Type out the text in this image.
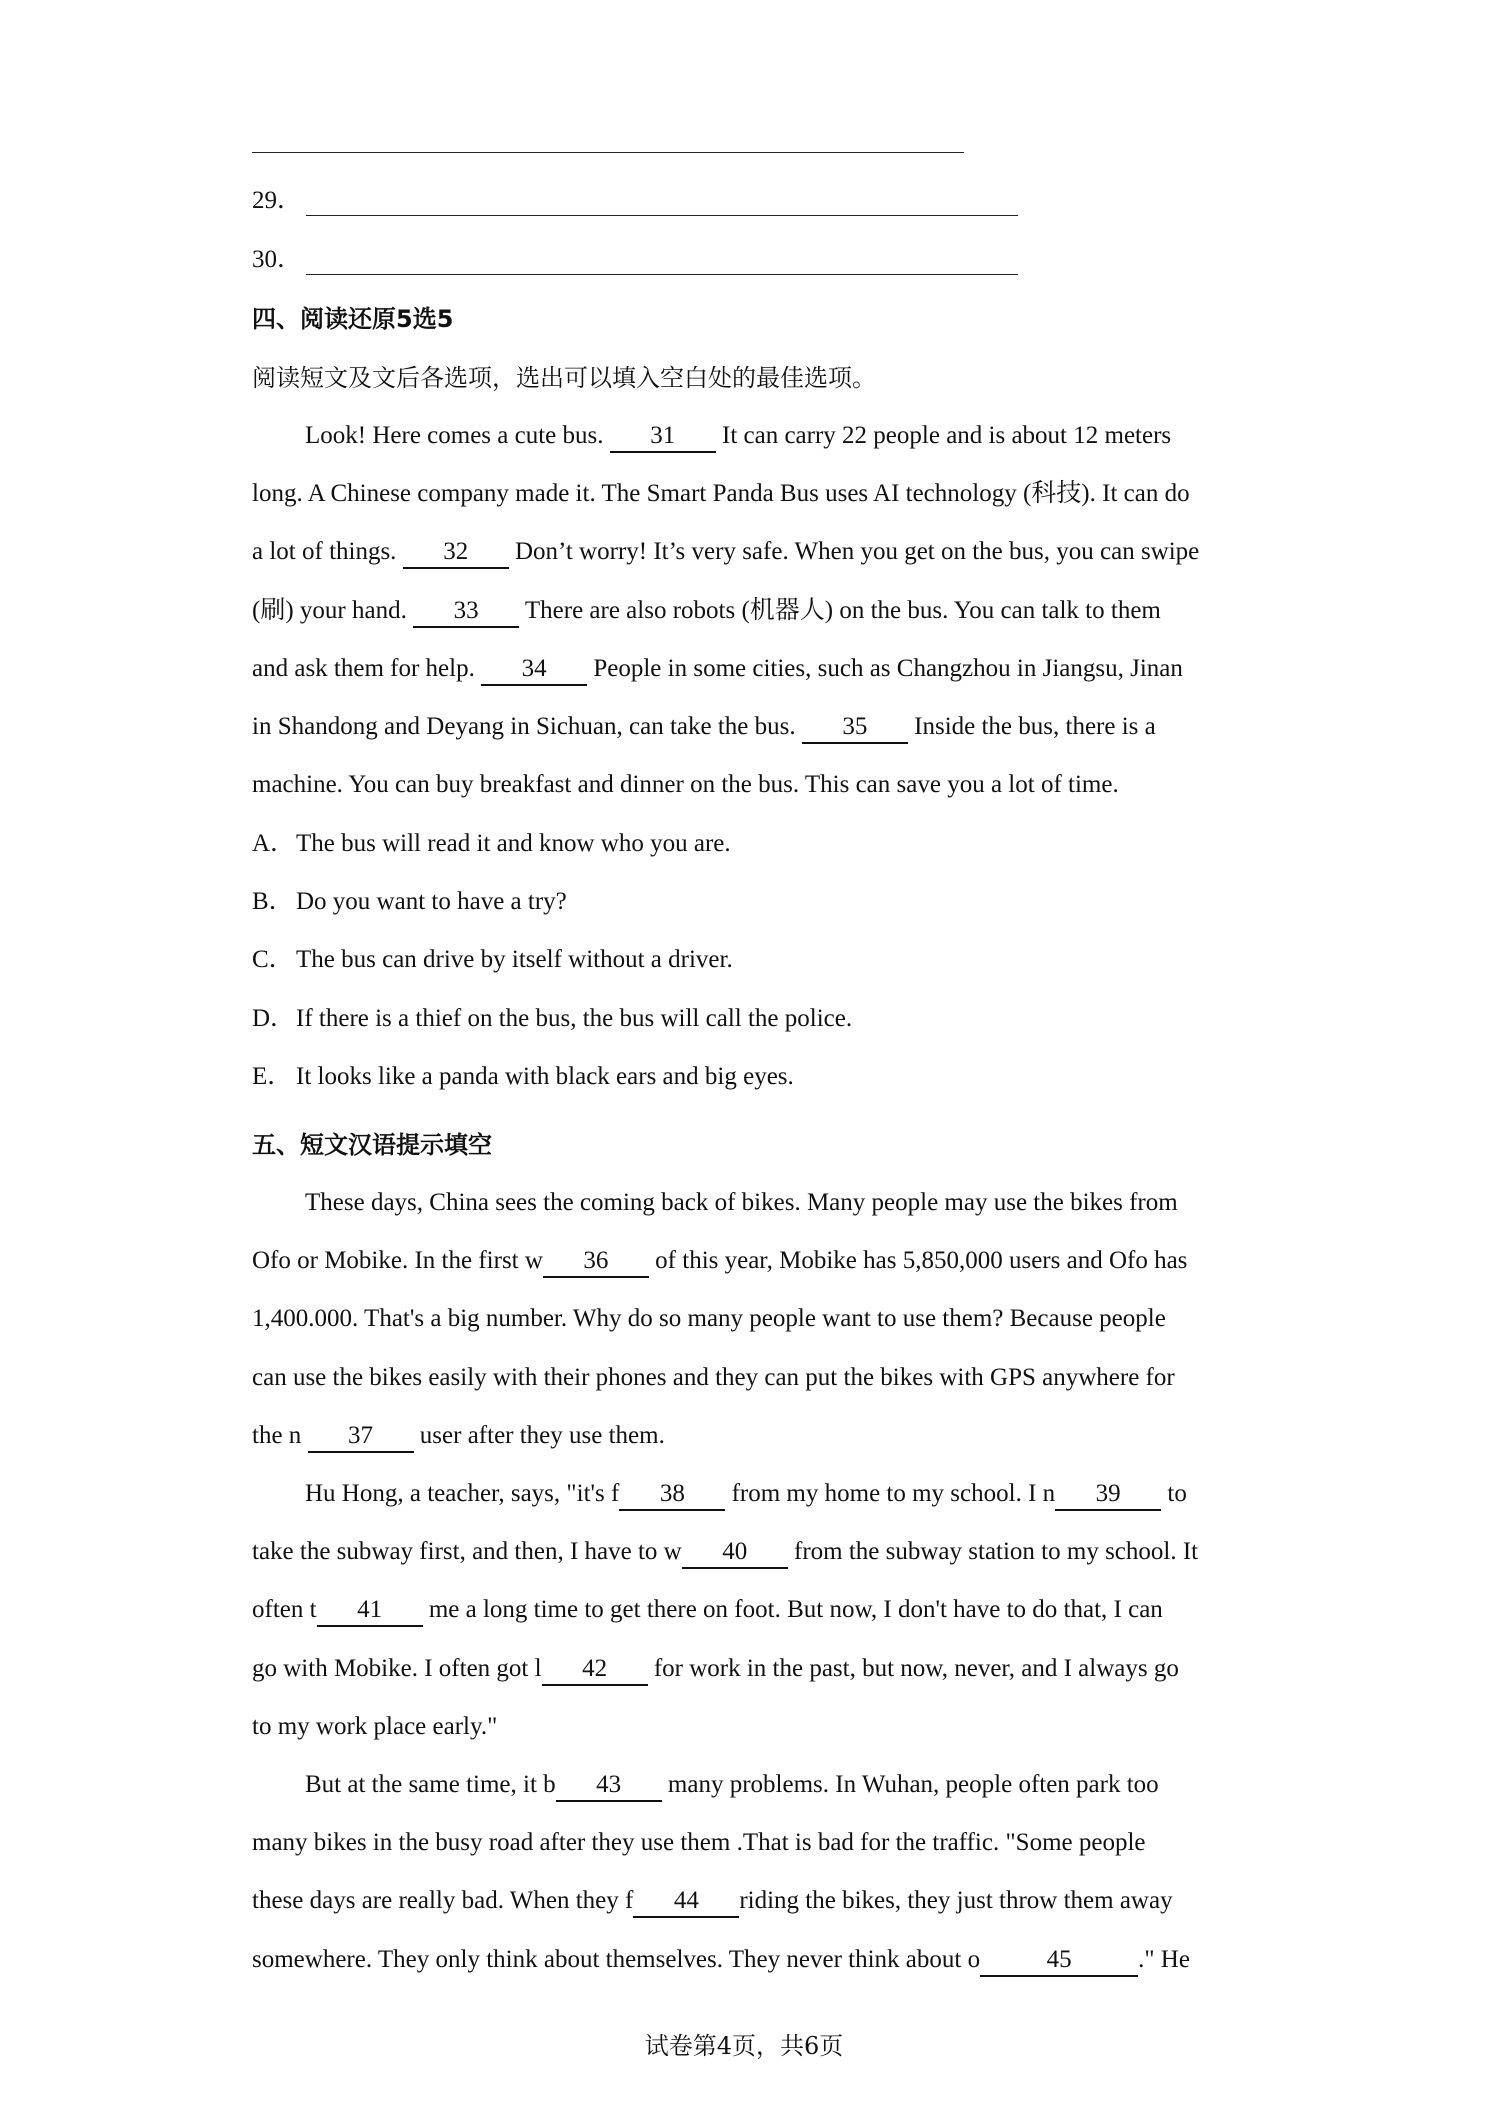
29．
30．
四、阅读还原5选5
阅读短文及文后各选项，选出可以填入空白处的最佳选项。
Look! Here comes a cute bus. 31 It can carry 22 people and is about 12 meters
long. A Chinese company made it. The Smart Panda Bus uses AI technology (科技). It can do
a lot of things. 32 Don’t worry! It’s very safe. When you get on the bus, you can swipe
(刷) your hand. 33 There are also robots (机器人) on the bus. You can talk to them
and ask them for help. 34 People in some cities, such as Changzhou in Jiangsu, Jinan
in Shandong and Deyang in Sichuan, can take the bus. 35 Inside the bus, there is a
machine. You can buy breakfast and dinner on the bus. This can save you a lot of time.
A．The bus will read it and know who you are.
B．Do you want to have a try?
C．The bus can drive by itself without a driver.
D．If there is a thief on the bus, the bus will call the police.
E． It looks like a panda with black ears and big eyes.
五、短文汉语提示填空
These days, China sees the coming back of bikes. Many people may use the bikes from
Ofo or Mobike. In the first w 36 of this year, Mobike has 5,850,000 users and Ofo has
1,400.000. That's a big number. Why do so many people want to use them? Because people
can use the bikes easily with their phones and they can put the bikes with GPS anywhere for
the n 37 user after they use them.
Hu Hong, a teacher, says, "it's f 38 from my home to my school. I n 39 to
take the subway first, and then, I have to w 40 from the subway station to my school. It
often t 41 me a long time to get there on foot. But now, I don't have to do that, I can
go with Mobike. I often got l 42 for work in the past, but now, never, and I always go
to my work place early."
But at the same time, it b 43 many problems. In Wuhan, people often park too
many bikes in the busy road after they use them .That is bad for the traffic. "Some people
these days are really bad. When they f 44 riding the bikes, they just throw them away
somewhere. They only think about themselves. They never think about o	45	." He
试卷第4页，共6页
